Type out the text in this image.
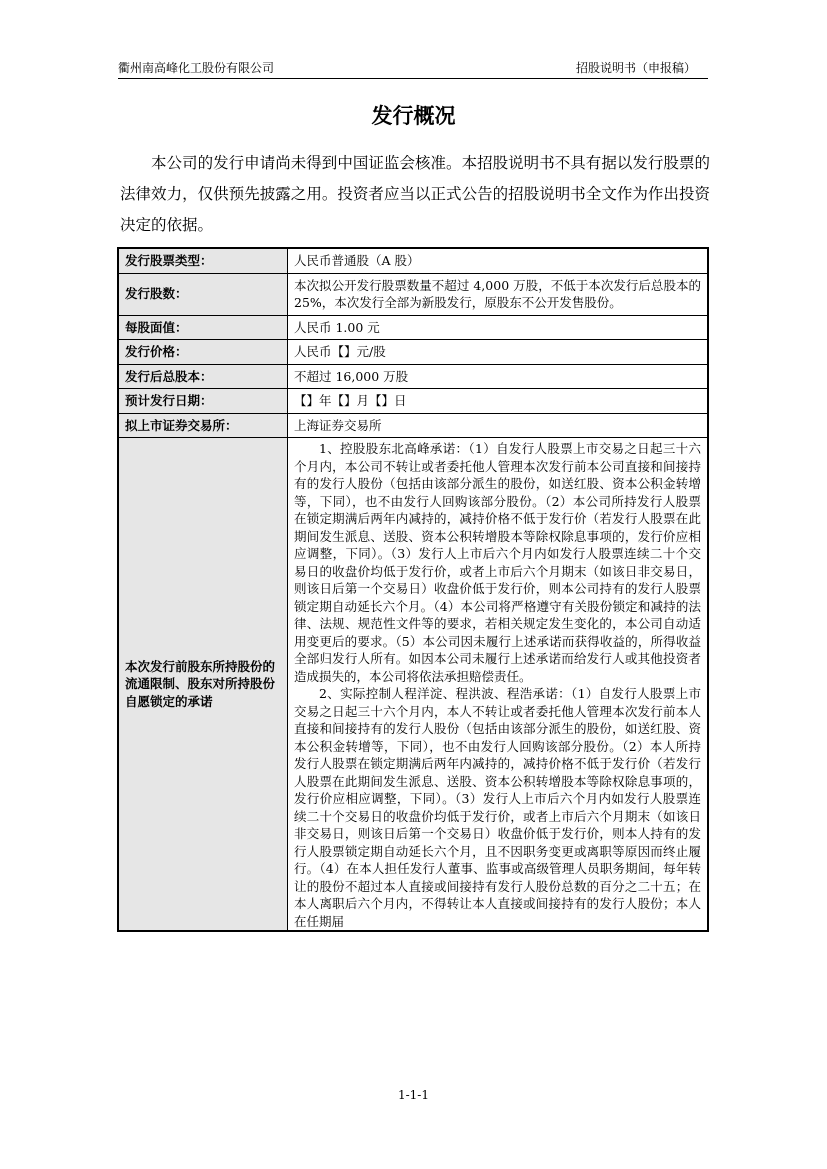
衢州南高峰化工股份有限公司	招股说明书（申报稿）
发行概况
本公司的发行申请尚未得到中国证监会核准。本招股说明书不具有据以发行股票的法律效力，仅供预先披露之用。投资者应当以正式公告的招股说明书全文作为作出投资决定的依据。
发行股票类型：	人民币普通股（A 股）
发行股数：	本次拟公开发行股票数量不超过 4,000 万股，不低于本次发行后总股本的 25%，本次发行全部为新股发行，原股东不公开发售股份。
每股面值：	人民币 1.00 元
发行价格：	人民币【】元/股
发行后总股本：	不超过 16,000 万股
预计发行日期：	【】年【】月【】日
拟上市证券交易所：	上海证券交易所
本次发行前股东所持股份的流通限制、股东对所持股份自愿锁定的承诺	1、控股股东北高峰承诺：（1）自发行人股票上市交易之日起三十六个月内，本公司不转让或者委托他人管理本次发行前本公司直接和间接持有的发行人股份（包括由该部分派生的股份，如送红股、资本公积金转增等，下同），也不由发行人回购该部分股份。（2）本公司所持发行人股票在锁定期满后两年内减持的，减持价格不低于发行价（若发行人股票在此期间发生派息、送股、资本公积转增股本等除权除息事项的，发行价应相应调整，下同）。（3）发行人上市后六个月内如发行人股票连续二十个交易日的收盘价均低于发行价，或者上市后六个月期末（如该日非交易日，则该日后第一个交易日）收盘价低于发行价，则本公司持有的发行人股票锁定期自动延长六个月。（4）本公司将严格遵守有关股份锁定和减持的法律、法规、规范性文件等的要求，若相关规定发生变化的，本公司自动适用变更后的要求。（5）本公司因未履行上述承诺而获得收益的，所得收益全部归发行人所有。如因本公司未履行上述承诺而给发行人或其他投资者造成损失的，本公司将依法承担赔偿责任。
2、实际控制人程洋淀、程洪波、程浩承诺：（1）自发行人股票上市交易之日起三十六个月内，本人不转让或者委托他人管理本次发行前本人直接和间接持有的发行人股份（包括由该部分派生的股份，如送红股、资本公积金转增等，下同），也不由发行人回购该部分股份。（2）本人所持发行人股票在锁定期满后两年内减持的，减持价格不低于发行价（若发行人股票在此期间发生派息、送股、资本公积转增股本等除权除息事项的，发行价应相应调整，下同）。（3）发行人上市后六个月内如发行人股票连续二十个交易日的收盘价均低于发行价，或者上市后六个月期末（如该日非交易日，则该日后第一个交易日）收盘价低于发行价，则本人持有的发行人股票锁定期自动延长六个月，且不因职务变更或离职等原因而终止履行。（4）在本人担任发行人董事、监事或高级管理人员职务期间，每年转让的股份不超过本人直接或间接持有发行人股份总数的百分之二十五；在本人离职后六个月内，不得转让本人直接或间接持有的发行人股份；本人在任期届
1-1-1
